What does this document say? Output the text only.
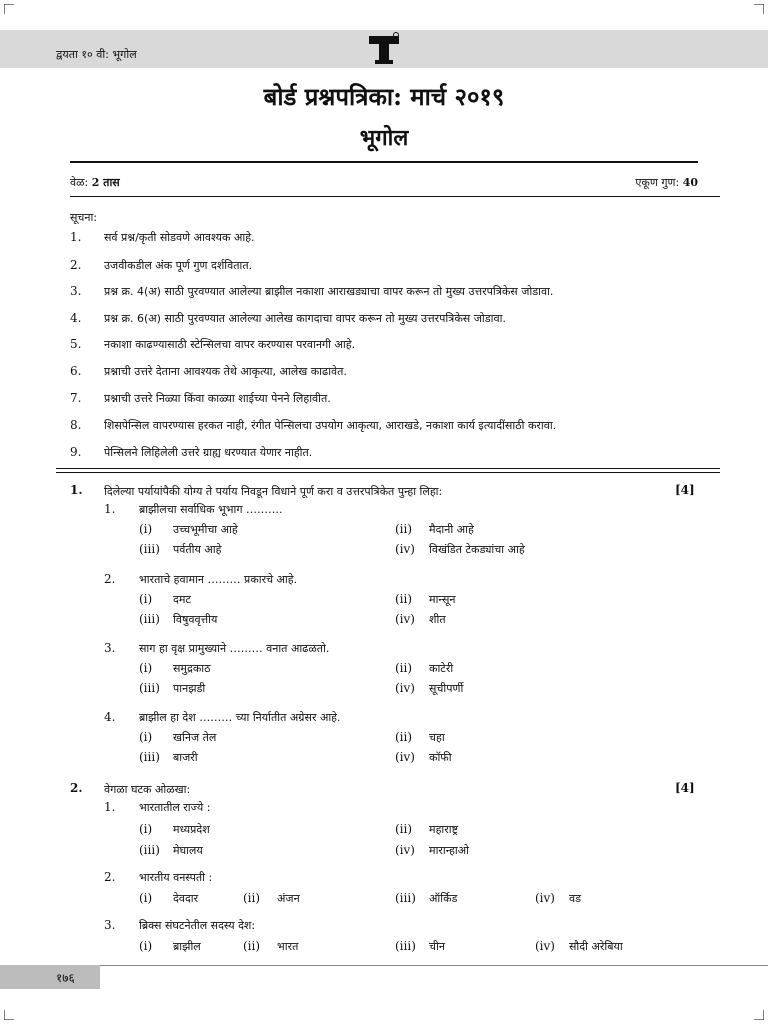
द्वयता १० वी: भूगोल
बोर्ड प्रश्नपत्रिका: मार्च २०१९
भूगोल
वेळ: 2 तास	एकूण गुण: 40
सूचना:
1. सर्व प्रश्न/कृती सोडवणे आवश्यक आहे.
2. उजवीकडील अंक पूर्ण गुण दर्शवितात.
3. प्रश्न क्र. 4(अ) साठी पुरवण्यात आलेल्या ब्राझील नकाशा आराखड्याचा वापर करून तो मुख्य उत्तरपत्रिकेस जोडावा.
4. प्रश्न क्र. 6(अ) साठी पुरवण्यात आलेल्या आलेख कागदाचा वापर करून तो मुख्य उत्तरपत्रिकेस जोडावा.
5. नकाशा काढण्यासाठी स्टेन्सिलचा वापर करण्यास परवानगी आहे.
6. प्रश्नाची उत्तरे देताना आवश्यक तेथे आकृत्या, आलेख काढावेत.
7. प्रश्नाची उत्तरे निळ्या किंवा काळ्या शाईच्या पेनने लिहावीत.
8. शिसपेन्सिल वापरण्यास हरकत नाही, रंगीत पेन्सिलचा उपयोग आकृत्या, आराखडे, नकाशा कार्य इत्यादींसाठी करावा.
9. पेन्सिलने लिहिलेली उत्तरे ग्राह्य धरण्यात येणार नाहीत.
1. दिलेल्या पर्यायांपैकी योग्य ते पर्याय निवडून विधाने पूर्ण करा व उत्तरपत्रिकेत पुन्हा लिहा:	[4]
1. ब्राझीलचा सर्वाधिक भूभाग ……….
(i) उच्चभूमीचा आहे	(ii) मैदानी आहे
(iii) पर्वतीय आहे	(iv) विखंडित टेकड्यांचा आहे
2. भारताचे हवामान ……… प्रकारचे आहे.
(i) दमट	(ii) मान्सून
(iii) विषुववृत्तीय	(iv) शीत
3. साग हा वृक्ष प्रामुख्याने ……… वनात आढळतो.
(i) समुद्रकाठ	(ii) काटेरी
(iii) पानझडी	(iv) सूचीपर्णी
4. ब्राझील हा देश ……… च्या निर्यातीत अग्रेसर आहे.
(i) खनिज तेल	(ii) चहा
(iii) बाजरी	(iv) कॉफी
2. वेगळा घटक ओळखा:	[4]
1. भारतातील राज्ये :
(i) मध्यप्रदेश	(ii) महाराष्ट्र
(iii) मेघालय	(iv) मारान्हाओ
2. भारतीय वनस्पती :
(i) देवदार	(ii) अंजन	(iii) ऑर्किड	(iv) वड
3. ब्रिक्स संघटनेतील सदस्य देश:
(i) ब्राझील	(ii) भारत	(iii) चीन	(iv) सौदी अरेबिया
१७६
